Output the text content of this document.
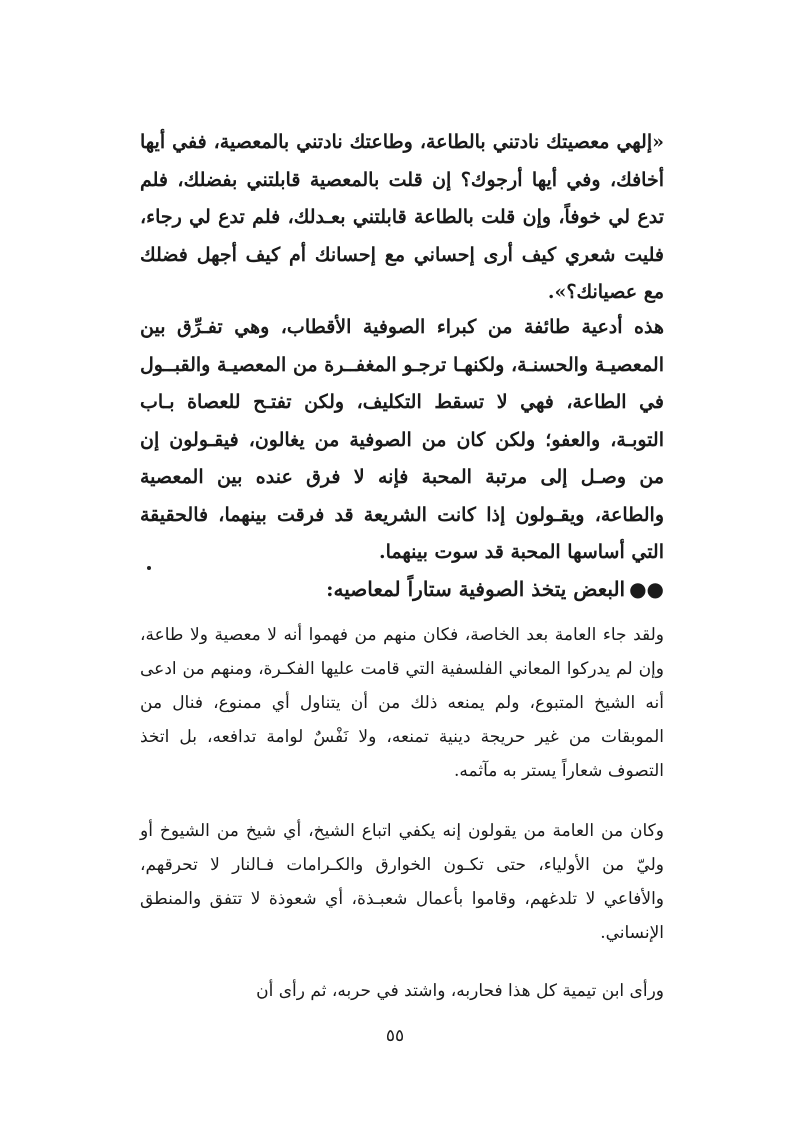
«إلهي معصيتك نادتني بالطاعة، وطاعتك نادتني بالمعصية، ففي أيها أخافك، وفي أيها أرجوك؟ إن قلت بالمعصية قابلتني بفضلك، فلم تدع لي خوفاً، وإن قلت بالطاعة قابلتني بعـدلك، فلم تدع لي رجاء، فليت شعري كيف أرى إحساني مع إحسانك أم كيف أجهل فضلك مع عصيانك؟».

هذه أدعية طائفة من كبراء الصوفية الأقطاب، وهي تفـرِّق بين المعصيـة والحسنـة، ولكنهـا ترجـو المغفــرة من المعصيـة والقبــول في الطاعة، فهي لا تسقط التكليف، ولكن تفتـح للعصاة بـاب التوبـة، والعفو؛ ولكن كان من الصوفية من يغالون، فيقـولون إن من وصـل إلى مرتبة المحبة فإنه لا فرق عنده بين المعصية والطاعة، ويقـولون إذا كانت الشريعة قد فرقت بينهما، فالحقيقة التي أساسها المحبة قد سوت بينهما.

●●البعض يتخذ الصوفية ستاراً لمعاصيه:

ولقد جاء العامة بعد الخاصة، فكان منهم من فهموا أنه لا معصية ولا طاعة، وإن لم يدركوا المعاني الفلسفية التي قامت عليها الفكـرة، ومنهم من ادعى أنه الشيخ المتبوع، ولم يمنعه ذلك من أن يتناول أي ممنوع، فنال من الموبقات من غير حريجة دينية تمنعه، ولا نَفْسٌ لوامة تدافعه، بل اتخذ التصوف شعاراً يستر به مآثمه.

وكان من العامة من يقولون إنه يكفي اتباع الشيخ، أي شيخ من الشيوخ أو وليّ من الأولياء، حتى تكـون الخوارق والكـرامات فـالنار لا تحرقهم، والأفاعي لا تلدغهم، وقاموا بأعمال شعبـذة، أي شعوذة لا تتفق والمنطق الإنساني.

ورأى ابن تيمية كل هذا فحاربه، واشتد في حربه، ثم رأى أن

٥٥
